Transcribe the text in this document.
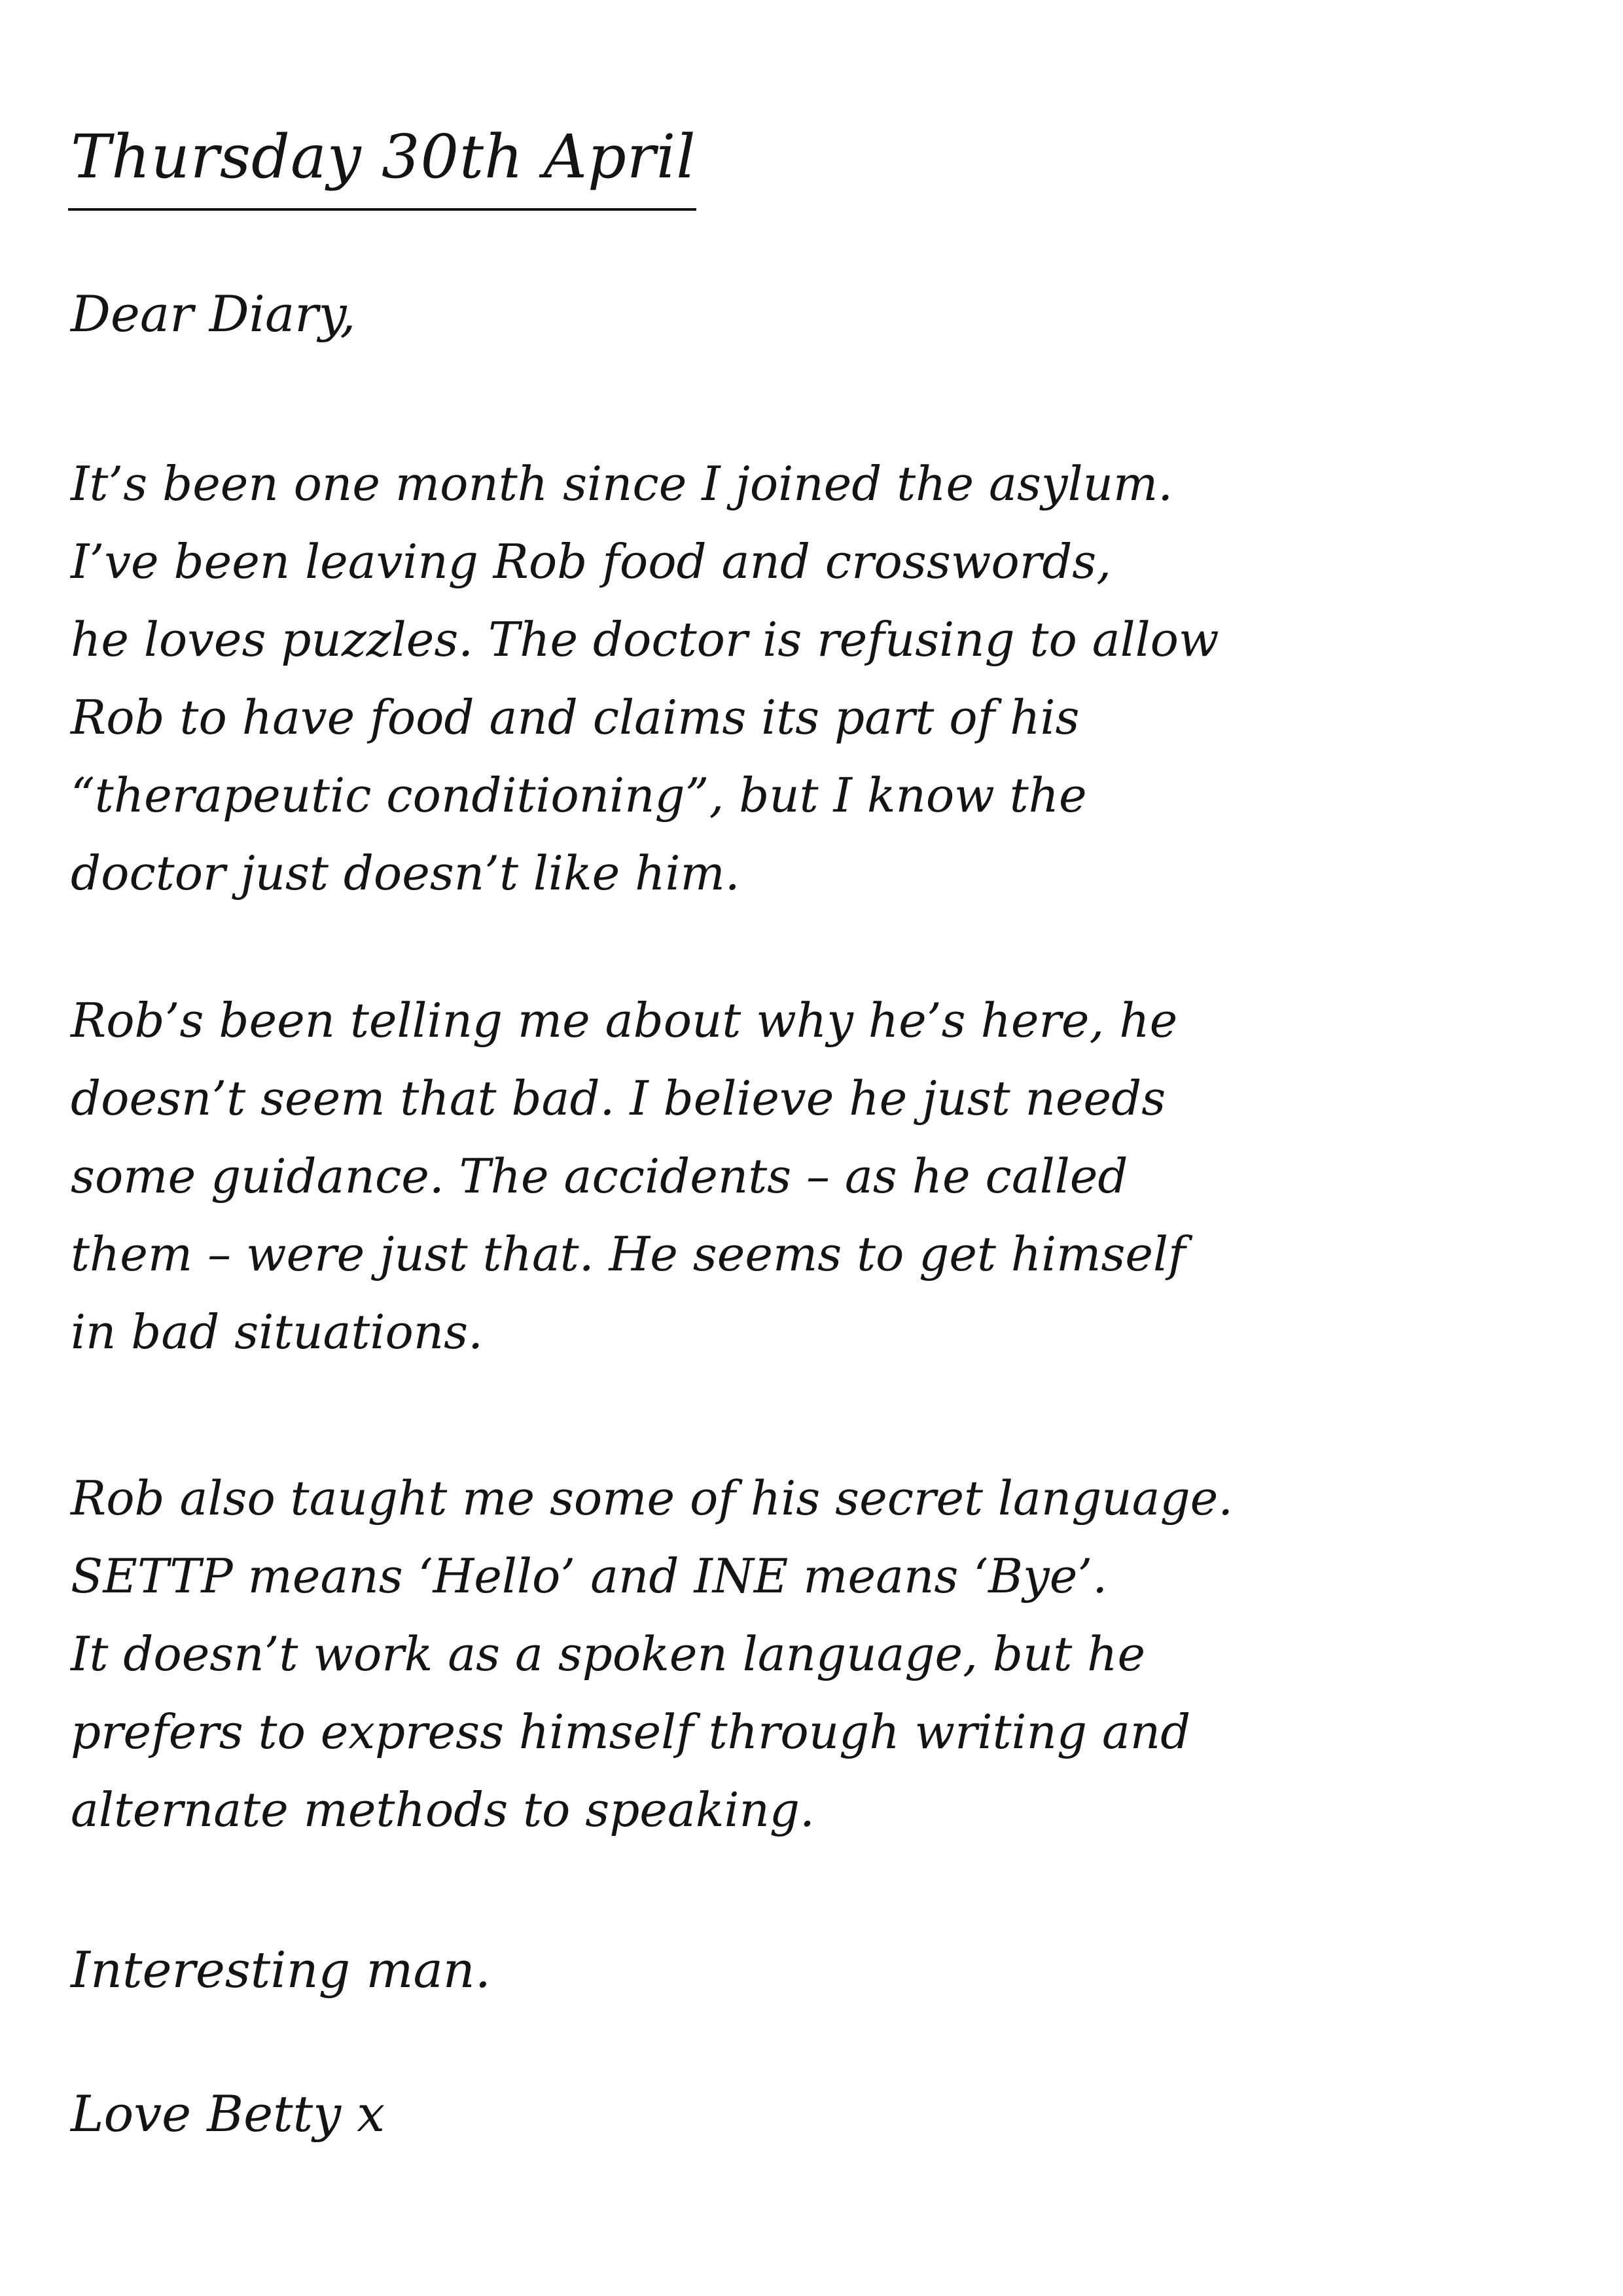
Thursday 30th April
Dear Diary,
It’s been one month since I joined the asylum.
I’ve been leaving Rob food and crosswords,
he loves puzzles. The doctor is refusing to allow
Rob to have food and claims its part of his
“therapeutic conditioning”, but I know the
doctor just doesn’t like him.
Rob’s been telling me about why he’s here, he
doesn’t seem that bad. I believe he just needs
some guidance. The accidents – as he called
them – were just that. He seems to get himself
in bad situations.
Rob also taught me some of his secret language.
SETTP means ‘Hello’ and INE means ‘Bye’.
It doesn’t work as a spoken language, but he
prefers to express himself through writing and
alternate methods to speaking.
Interesting man.
Love Betty x
